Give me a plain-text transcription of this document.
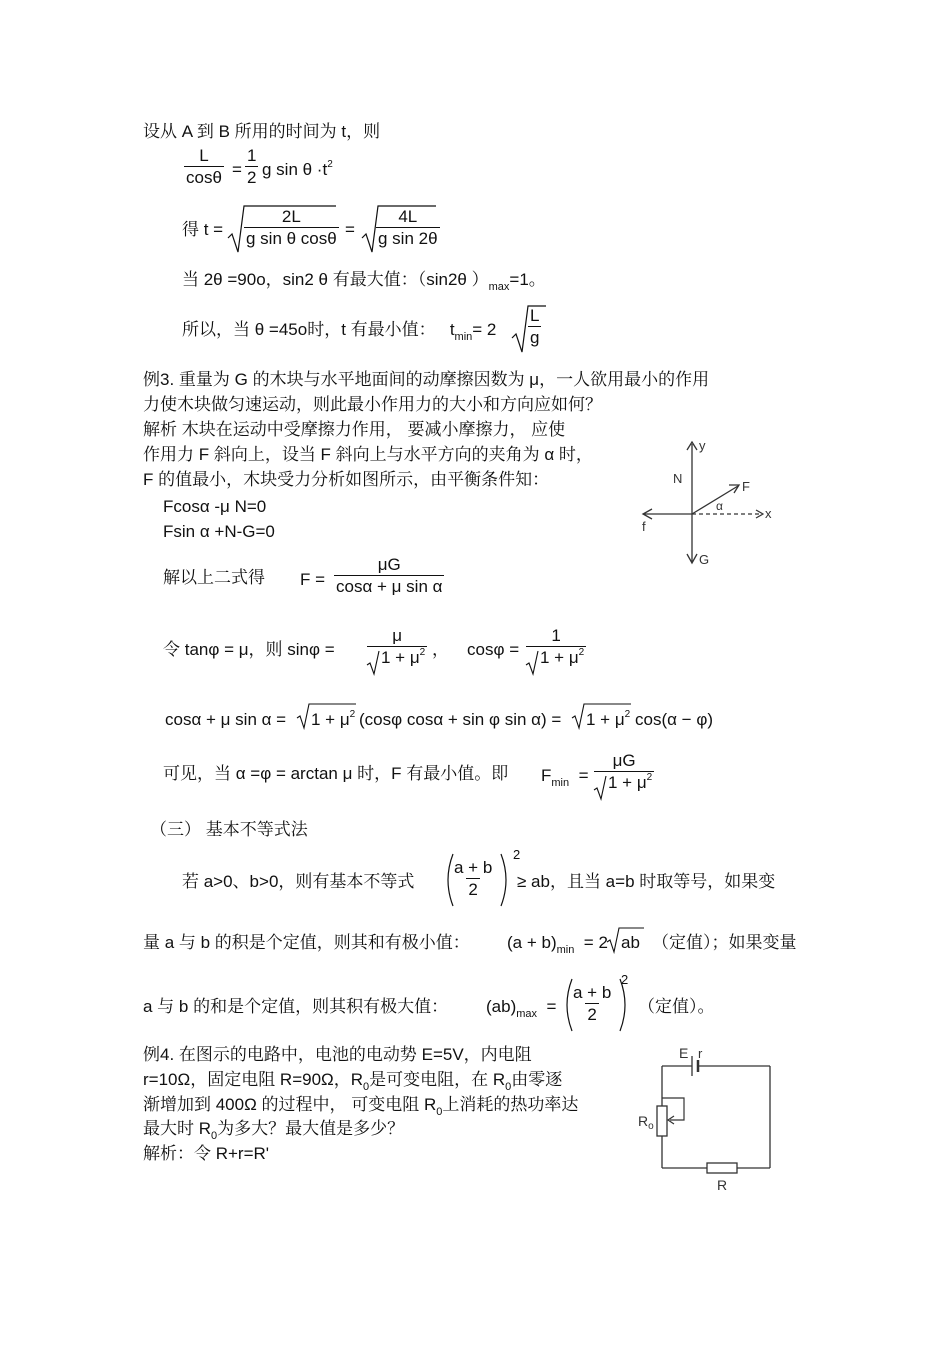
设从 A 到 B 所用的时间为 t，则
$\frac{L}{\cos\theta} = \frac{1}{2}$ g $\sin \theta \cdot t^2$
得 $t = \frac{2L}{\text{g sin θ cosθ}} = \frac{4L}{\text{g sin 2θ}}$
当 2θ =90o，sin2 θ 有最大值：（sin2θ ）$_{max}=1$。
所以，当 θ =45o时，t 有最小值： $t_{min}= 2 \frac{L}{g}$
例3. 重量为 G 的木块与水平地面间的动摩擦因数为 μ，一人欲用最小的作用
力使木块做匀速运动，则此最小作用力的大小和方向应如何？
解析 木块在运动中受摩擦力作用， 要减小摩擦力， 应使
作用力 F 斜向上，设当 F 斜向上与水平方向的夹角为 α 时，
F 的值最小，木块受力分析如图所示，由平衡条件知：
Fcosα -μ N=0
Fsin α +N-G=0
y
N
F
α	x
f
G
解以上二式得 $F = \frac{\mu G}{\text{cosα + μ sin α}}$
令 tanφ = μ，则 $\sin\varphi = \frac{\mu}{1 + \mu^2}$ ， $\cos\varphi = \frac{1}{1 + \mu^2}$
cosα + μ $\sin \alpha = 1 + \mu^2$ (cosφ cosα + sin φ $\sin \alpha) = 1 + \mu^2$ cos(α − φ)
可见，当 α =φ = arctan μ 时，F 有最小值。即 $F_{min} = \frac{\mu G}{1 + \mu^2}$
（三） 基本不等式法
若 a>0、b>0，则有基本不等式 $\frac{a + b}{2}$
2
≥ ab，且当 a=b 时取等号，如果变
量 a 与 b 的积是个定值，则其和有极小值： $(a + b)_{min} = 2$ ab （定值）；如果变量
a 与 b 的和是个定值，则其积有极大值： $(ab)_{max} = \frac{a + b}{2}$
2
（定值）。
例4. 在图示的电路中，电池的电动势 E=5V，内电阻
r=10Ω，固定电阻 R=90Ω，$R_0$是可变电阻，在 $R_0$由零逐
渐增加到 400Ω 的过程中， 可变电阻 $R_0$上消耗的热功率达
最大时 $R_0$为多大？最大值是多少？
解析：令 R+r=R'
E r
$R_o$
R
